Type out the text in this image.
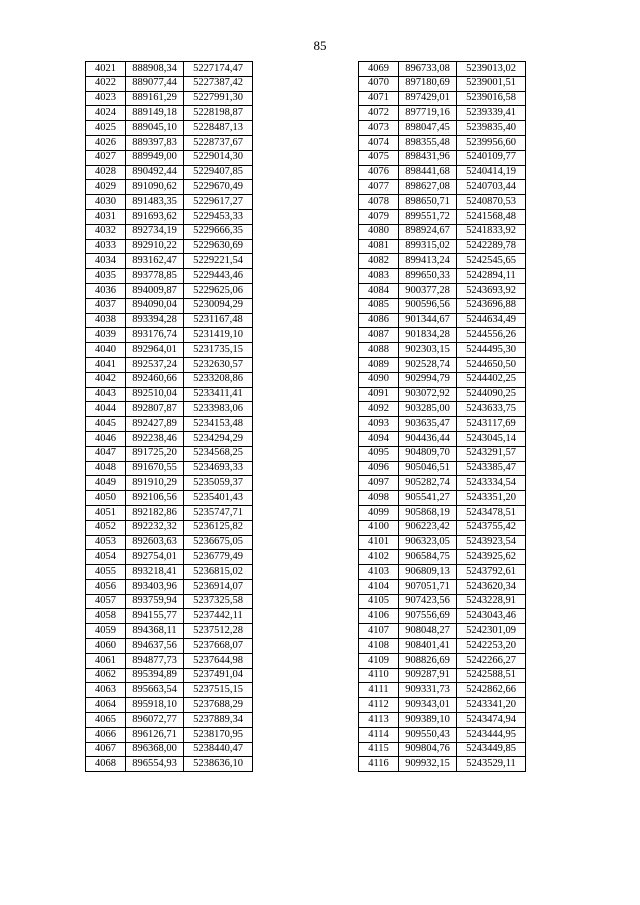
85
4021	888908,34	5227174,47
4022	889077,44	5227387,42
4023	889161,29	5227991,30
4024	889149,18	5228198,87
4025	889045,10	5228487,13
4026	889397,83	5228737,67
4027	889949,00	5229014,30
4028	890492,44	5229407,85
4029	891090,62	5229670,49
4030	891483,35	5229617,27
4031	891693,62	5229453,33
4032	892734,19	5229666,35
4033	892910,22	5229630,69
4034	893162,47	5229221,54
4035	893778,85	5229443,46
4036	894009,87	5229625,06
4037	894090,04	5230094,29
4038	893394,28	5231167,48
4039	893176,74	5231419,10
4040	892964,01	5231735,15
4041	892537,24	5232630,57
4042	892460,66	5233208,86
4043	892510,04	5233411,41
4044	892807,87	5233983,06
4045	892427,89	5234153,48
4046	892238,46	5234294,29
4047	891725,20	5234568,25
4048	891670,55	5234693,33
4049	891910,29	5235059,37
4050	892106,56	5235401,43
4051	892182,86	5235747,71
4052	892232,32	5236125,82
4053	892603,63	5236675,05
4054	892754,01	5236779,49
4055	893218,41	5236815,02
4056	893403,96	5236914,07
4057	893759,94	5237325,58
4058	894155,77	5237442,11
4059	894368,11	5237512,28
4060	894637,56	5237668,07
4061	894877,73	5237644,98
4062	895394,89	5237491,04
4063	895663,54	5237515,15
4064	895918,10	5237688,29
4065	896072,77	5237889,34
4066	896126,71	5238170,95
4067	896368,00	5238440,47
4068	896554,93	5238636,10
4069	896733,08	5239013,02
4070	897180,69	5239001,51
4071	897429,01	5239016,58
4072	897719,16	5239339,41
4073	898047,45	5239835,40
4074	898355,48	5239956,60
4075	898431,96	5240109,77
4076	898441,68	5240414,19
4077	898627,08	5240703,44
4078	898650,71	5240870,53
4079	899551,72	5241568,48
4080	898924,67	5241833,92
4081	899315,02	5242289,78
4082	899413,24	5242545,65
4083	899650,33	5242894,11
4084	900377,28	5243693,92
4085	900596,56	5243696,88
4086	901344,67	5244634,49
4087	901834,28	5244556,26
4088	902303,15	5244495,30
4089	902528,74	5244650,50
4090	902994,79	5244402,25
4091	903072,92	5244090,25
4092	903285,00	5243633,75
4093	903635,47	5243117,69
4094	904436,44	5243045,14
4095	904809,70	5243291,57
4096	905046,51	5243385,47
4097	905282,74	5243334,54
4098	905541,27	5243351,20
4099	905868,19	5243478,51
4100	906223,42	5243755,42
4101	906323,05	5243923,54
4102	906584,75	5243925,62
4103	906809,13	5243792,61
4104	907051,71	5243620,34
4105	907423,56	5243228,91
4106	907556,69	5243043,46
4107	908048,27	5242301,09
4108	908401,41	5242253,20
4109	908826,69	5242266,27
4110	909287,91	5242588,51
4111	909331,73	5242862,66
4112	909343,01	5243341,20
4113	909389,10	5243474,94
4114	909550,43	5243444,95
4115	909804,76	5243449,85
4116	909932,15	5243529,11
